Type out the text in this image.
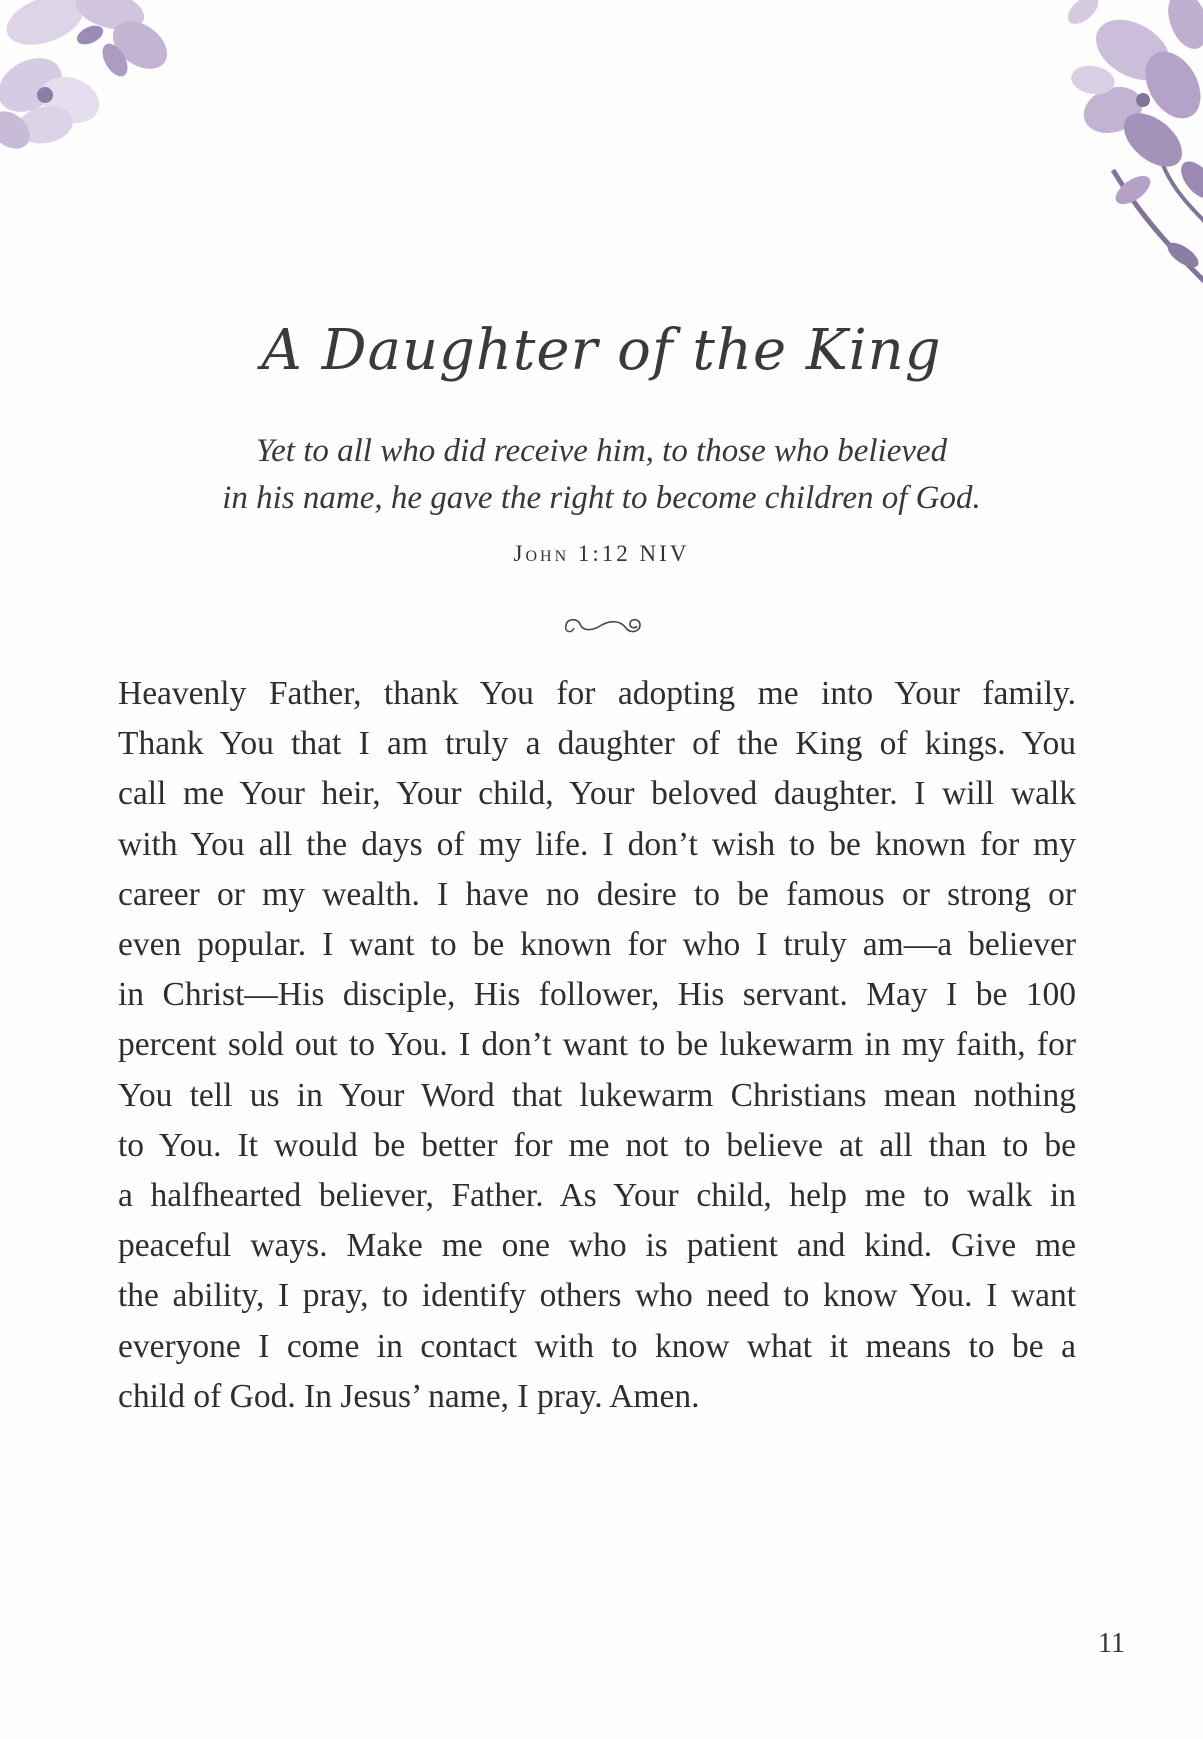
A Daughter of the King

Yet to all who did receive him, to those who believed
in his name, he gave the right to become children of God.

John 1:12 NIV

Heavenly Father, thank You for adopting me into Your family.
Thank You that I am truly a daughter of the King of kings. You
call me Your heir, Your child, Your beloved daughter. I will walk
with You all the days of my life. I don’t wish to be known for my
career or my wealth. I have no desire to be famous or strong or
even popular. I want to be known for who I truly am—a believer
in Christ—His disciple, His follower, His servant. May I be 100
percent sold out to You. I don’t want to be lukewarm in my faith, for
You tell us in Your Word that lukewarm Christians mean nothing
to You. It would be better for me not to believe at all than to be
a halfhearted believer, Father. As Your child, help me to walk in
peaceful ways. Make me one who is patient and kind. Give me
the ability, I pray, to identify others who need to know You. I want
everyone I come in contact with to know what it means to be a
child of God. In Jesus’ name, I pray. Amen.

11
